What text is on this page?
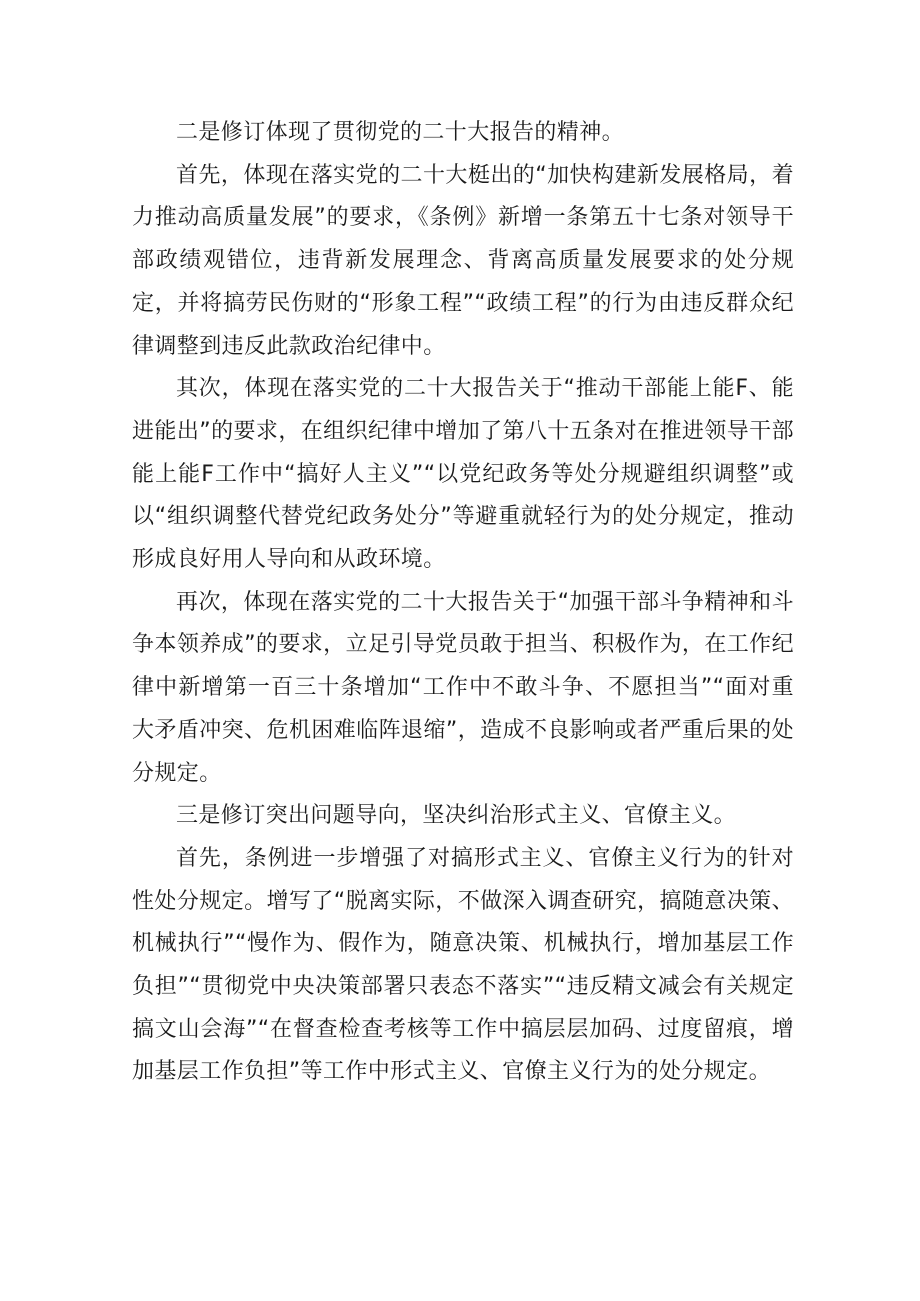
二是修订体现了贯彻党的二十大报告的精神。

首先，体现在落实党的二十大梃出的“加快构建新发展格局，着力推动高质量发展”的要求，《条例》新增一条第五十七条对领导干部政绩观错位，违背新发展理念、背离高质量发展要求的处分规定，并将搞劳民伤财的“形象工程”“政绩工程”的行为由违反群众纪律调整到违反此款政治纪律中。

其次，体现在落实党的二十大报告关于“推动干部能上能F、能进能出”的要求，在组织纪律中增加了第八十五条对在推进领导干部能上能F工作中“搞好人主义”“以党纪政务等处分规避组织调整”或以“组织调整代替党纪政务处分”等避重就轻行为的处分规定，推动形成良好用人导向和从政环境。

再次，体现在落实党的二十大报告关于“加强干部斗争精神和斗争本领养成”的要求，立足引导党员敢于担当、积极作为，在工作纪律中新增第一百三十条增加“工作中不敢斗争、不愿担当”“面对重大矛盾冲突、危机困难临阵退缩”，造成不良影响或者严重后果的处分规定。

三是修订突出问题导向，坚决纠治形式主义、官僚主义。

首先，条例进一步增强了对搞形式主义、官僚主义行为的针对性处分规定。增写了“脱离实际，不做深入调查研究，搞随意决策、机械执行”“慢作为、假作为，随意决策、机械执行，增加基层工作负担”“贯彻党中央决策部署只表态不落实”“违反精文减会有关规定搞文山会海”“在督查检查考核等工作中搞层层加码、过度留痕，增加基层工作负担”等工作中形式主义、官僚主义行为的处分规定。
